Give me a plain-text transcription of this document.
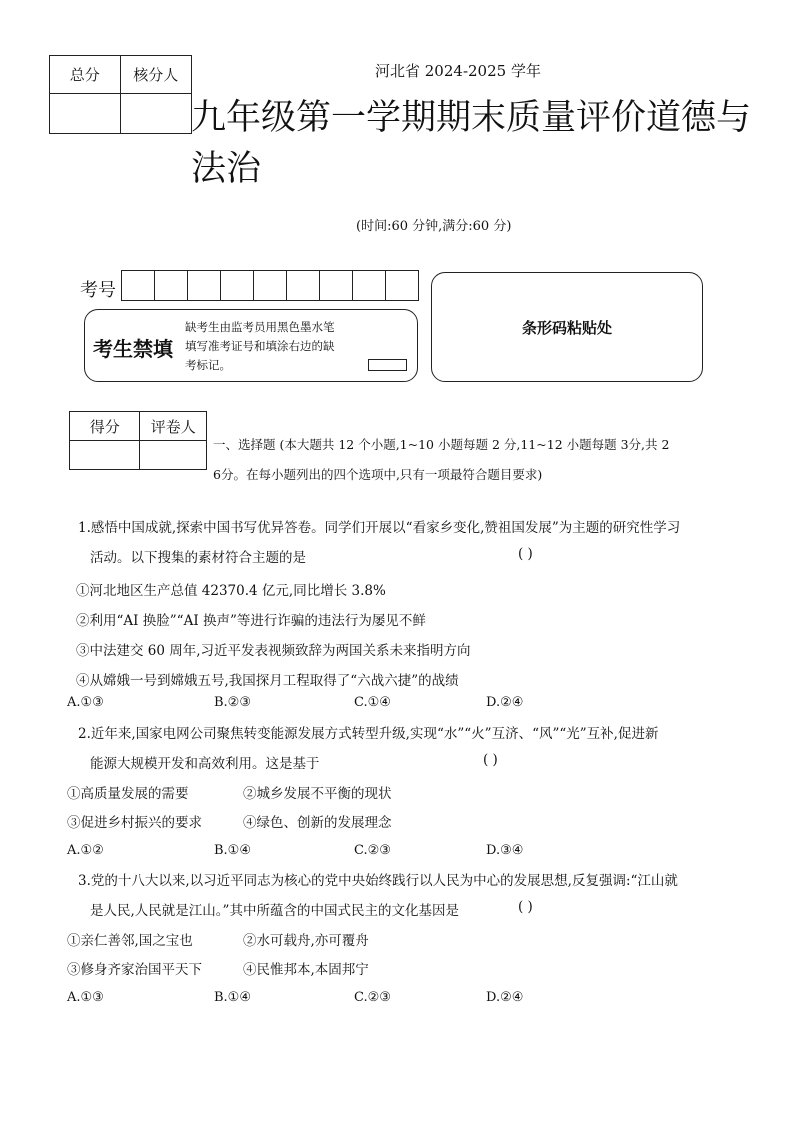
总分	核分人
		河北省 2024-2025 学年
九年级第一学期期末质量评价道德与
法治
(时间:60 分钟,满分:60 分)
考号

考生禁填
缺考生由监考员用黑色墨水笔
填写准考证号和填涂右边的缺
考标记。
条形码粘贴处
得分	评卷人

一、选择题 (本大题共 12 个小题,1~10 小题每题 2 分,11~12 小题每题 3分,共 2
6分。在每小题列出的四个选项中,只有一项最符合题目要求)
1.感悟中国成就,探索中国书写优异答卷。同学们开展以“看家乡变化,赞祖国发展”为主题的研究性学习
活动。以下搜集的素材符合主题的是	( )
①河北地区生产总值 42370.4 亿元,同比增长 3.8%
②利用“AI 换脸”“AI 换声”等进行诈骗的违法行为屡见不鲜
③中法建交 60 周年,习近平发表视频致辞为两国关系未来指明方向
④从嫦娥一号到嫦娥五号,我国探月工程取得了“六战六捷”的战绩
A.①③	B.②③	C.①④	D.②④
2.近年来,国家电网公司聚焦转变能源发展方式转型升级,实现“水”“火”互济、“风”“光”互补,促进新
能源大规模开发和高效利用。这是基于	( )
①高质量发展的需要	②城乡发展不平衡的现状
③促进乡村振兴的要求	④绿色、创新的发展理念
A.①②	B.①④	C.②③	D.③④
3.党的十八大以来,以习近平同志为核心的党中央始终践行以人民为中心的发展思想,反复强调:“江山就
是人民,人民就是江山。”其中所蕴含的中国式民主的文化基因是	( )
①亲仁善邻,国之宝也	②水可载舟,亦可覆舟
③修身齐家治国平天下	④民惟邦本,本固邦宁
A.①③	B.①④	C.②③	D.②④
